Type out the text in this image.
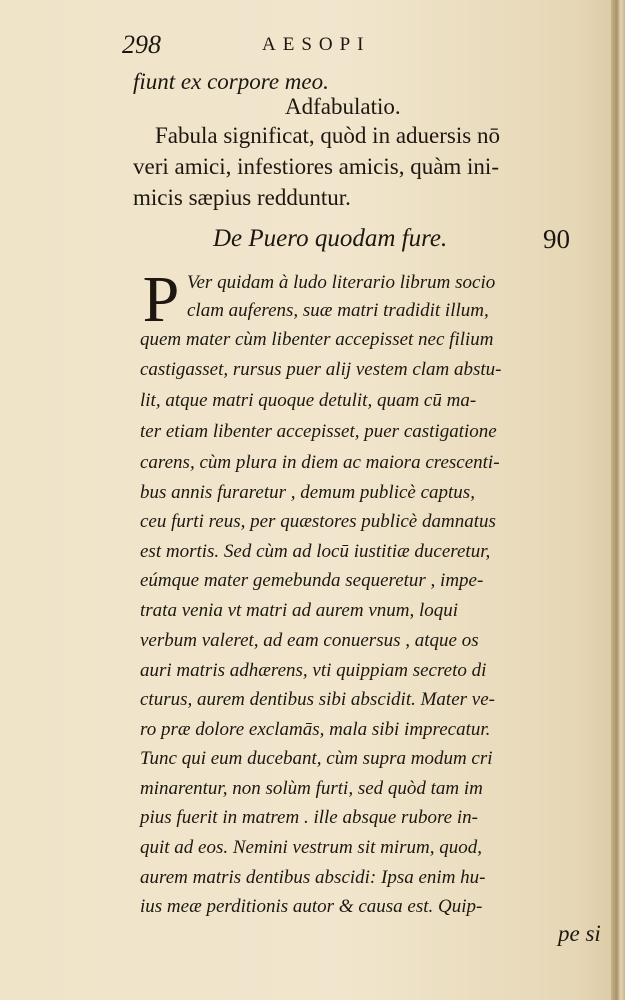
298	AESOPI
fiunt ex corpore meo.
Adfabulatio.
Fabula significat, quòd in aduersis nō
veri amici, infestiores amicis, quàm ini-
micis sæpius redduntur.
De Puero quodam fure.	90
P Ver quidam à ludo literario librum socio
clam auferens, suæ matri tradidit illum,
quem mater cùm libenter accepisset nec filium
castigasset, rursus puer alij vestem clam abstu-
lit, atque matri quoque detulit, quam cū ma-
ter etiam libenter accepisset, puer castigatione
carens, cùm plura in diem ac maiora crescenti-
bus annis furaretur , demum publicè captus,
ceu furti reus, per quæstores publicè damnatus
est mortis. Sed cùm ad locū iustitiæ duceretur,
eúmque mater gemebunda sequeretur , impe-
trata venia vt matri ad aurem vnum, loqui
verbum valeret, ad eam conuersus , atque os
auri matris adhærens, vti quippiam secreto di
cturus, aurem dentibus sibi abscidit. Mater ve-
ro præ dolore exclamās, mala sibi imprecatur.
Tunc qui eum ducebant, cùm supra modum cri
minarentur, non solùm furti, sed quòd tam im
pius fuerit in matrem . ille absque rubore in-
quit ad eos. Nemini vestrum sit mirum, quod,
aurem matris dentibus abscidi: Ipsa enim hu-
ius meæ perditionis autor & causa est. Quip-
pe si
